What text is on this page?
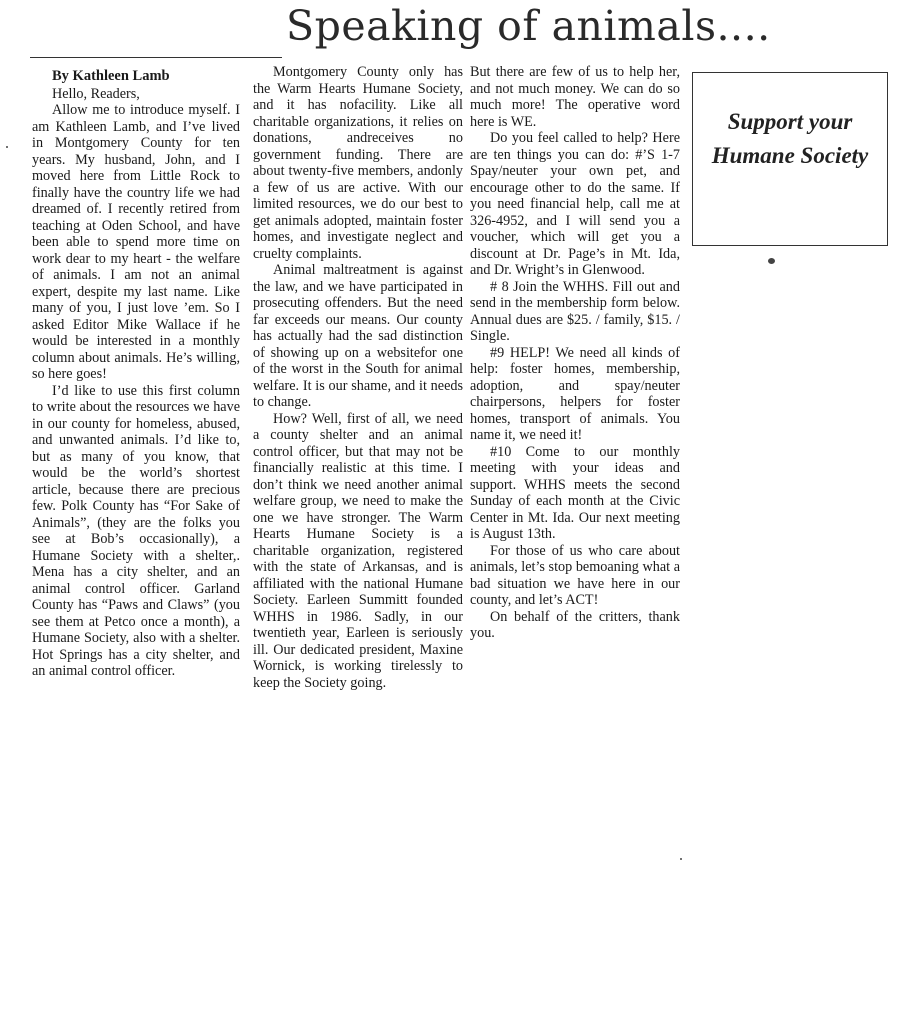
Speaking of animals....
By Kathleen Lamb

Hello, Readers,

Allow me to introduce myself. I am Kathleen Lamb, and I’ve lived in Montgomery County for ten years. My husband, John, and I moved here from Little Rock to finally have the country life we had dreamed of. I recently retired from teaching at Oden School, and have been able to spend more time on work dear to my heart - the welfare of animals. I am not an animal expert, despite my last name. Like many of you, I just love ’em. So I asked Editor Mike Wallace if he would be interested in a monthly column about animals. He’s willing, so here goes!

I’d like to use this first column to write about the resources we have in our county for homeless, abused, and unwanted animals. I’d like to, but as many of you know, that would be the world’s shortest article, because there are precious few. Polk County has “For Sake of Animals”, (they are the folks you see at Bob’s occasionally), a Humane Society with a shelter,. Mena has a city shelter, and an animal control officer. Garland County has “Paws and Claws” (you see them at Petco once a month), a Humane Society, also with a shelter. Hot Springs has a city shelter, and an animal control officer.

Montgomery County only has the Warm Hearts Humane Society, and it has nofacility. Like all charitable organizations, it relies on donations, andreceives no government funding. There are about twenty-five members, andonly a few of us are active. With our limited resources, we do our best to get animals adopted, maintain foster homes, and investigate neglect and cruelty complaints.

Animal maltreatment is against the law, and we have participated in prosecuting offenders. But the need far exceeds our means. Our county has actually had the sad distinction of showing up on a websitefor one of the worst in the South for animal welfare. It is our shame, and it needs to change.

How? Well, first of all, we need a county shelter and an animal control officer, but that may not be financially realistic at this time. I don’t think we need another animal welfare group, we need to make the one we have stronger. The Warm Hearts Humane Society is a charitable organization, registered with the state of Arkansas, and is affiliated with the national Humane Society. Earleen Summitt founded WHHS in 1986. Sadly, in our twentieth year, Earleen is seriously ill. Our dedicated president, Maxine Wornick, is working tirelessly to keep the Society going.

But there are few of us to help her, and not much money. We can do so much more! The operative word here is WE.

Do you feel called to help? Here are ten things you can do: #’S 1-7 Spay/neuter your own pet, and encourage other to do the same. If you need financial help, call me at 326-4952, and I will send you a voucher, which will get you a discount at Dr. Page’s in Mt. Ida, and Dr. Wright’s in Glenwood.

# 8 Join the WHHS. Fill out and send in the membership form below. Annual dues are $25. / family, $15. / Single.

#9 HELP! We need all kinds of help: foster homes, membership, adoption, and spay/neuter chairpersons, helpers for foster homes, transport of animals. You name it, we need it!

#10 Come to our monthly meeting with your ideas and support. WHHS meets the second Sunday of each month at the Civic Center in Mt. Ida. Our next meeting is August 13th.

For those of us who care about animals, let’s stop bemoaning what a bad situation we have here in our county, and let’s ACT!

On behalf of the critters, thank you.

Support your Humane Society
